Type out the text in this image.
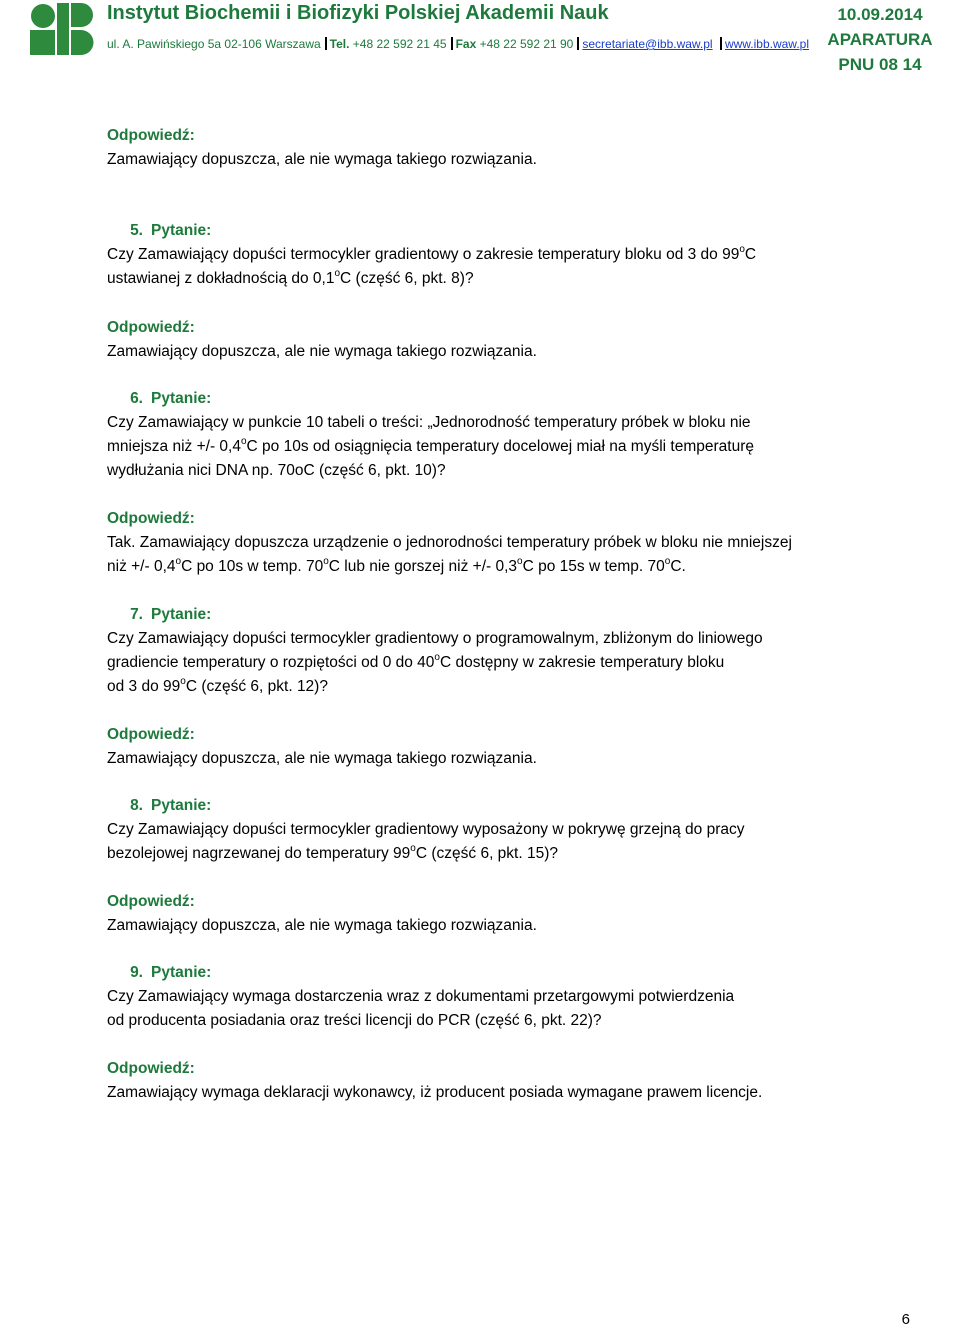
Instytut Biochemii i Biofizyki Polskiej Akademii Nauk
ul. A. Pawińskiego 5a 02-106 Warszawa Tel. +48 22 592 21 45 Fax +48 22 592 21 90 secretariate@ibb.waw.pl www.ibb.waw.pl
10.09.2014
APARATURA
PNU 08 14
Odpowiedź:
Zamawiający dopuszcza, ale nie wymaga takiego rozwiązania.
5. Pytanie:
Czy Zamawiający dopuści termocykler gradientowy o zakresie temperatury bloku od 3 do 99$^o$C
ustawianej z dokładnością do 0,1$^o$C (część 6, pkt. 8)?
Odpowiedź:
Zamawiający dopuszcza, ale nie wymaga takiego rozwiązania.
6. Pytanie:
Czy Zamawiający w punkcie 10 tabeli o treści: „Jednorodność temperatury próbek w bloku nie
mniejsza niż +/- 0,4$^o$C po 10s od osiągnięcia temperatury docelowej miał na myśli temperaturę
wydłużania nici DNA np. 70oC (część 6, pkt. 10)?
Odpowiedź:
Tak. Zamawiający dopuszcza urządzenie o jednorodności temperatury próbek w bloku nie mniejszej
niż +/- 0,4$^o$C po 10s w temp. 70$^o$C lub nie gorszej niż +/- 0,3$^o$C po 15s w temp. 70$^o$C.
7. Pytanie:
Czy Zamawiający dopuści termocykler gradientowy o programowalnym, zbliżonym do liniowego
gradiencie temperatury o rozpiętości od 0 do 40$^o$C dostępny w zakresie temperatury bloku
od 3 do 99$^o$C (część 6, pkt. 12)?
Odpowiedź:
Zamawiający dopuszcza, ale nie wymaga takiego rozwiązania.
8. Pytanie:
Czy Zamawiający dopuści termocykler gradientowy wyposażony w pokrywę grzejną do pracy
bezolejowej nagrzewanej do temperatury 99$^o$C (część 6, pkt. 15)?
Odpowiedź:
Zamawiający dopuszcza, ale nie wymaga takiego rozwiązania.
9. Pytanie:
Czy Zamawiający wymaga dostarczenia wraz z dokumentami przetargowymi potwierdzenia
od producenta posiadania oraz treści licencji do PCR (część 6, pkt. 22)?
Odpowiedź:
Zamawiający wymaga deklaracji wykonawcy, iż producent posiada wymagane prawem licencje.
6
